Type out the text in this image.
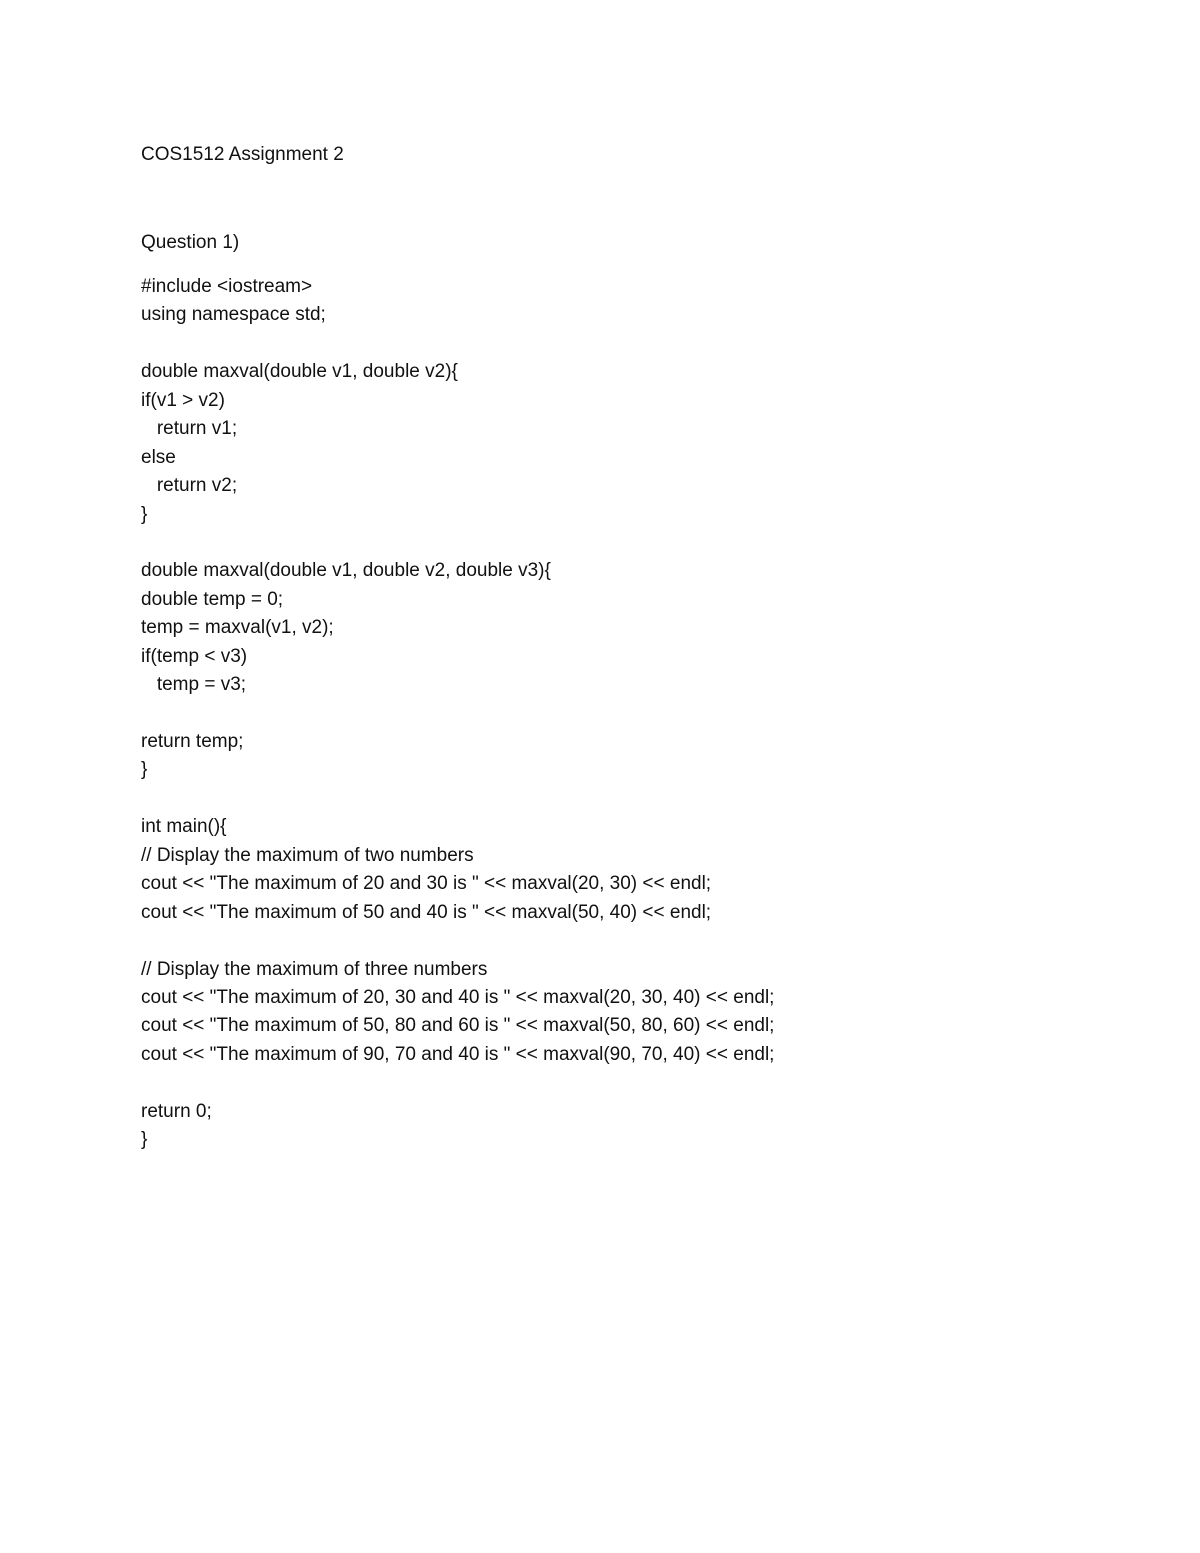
COS1512 Assignment 2
Question 1)
#include <iostream>
using namespace std;
double maxval(double v1, double v2){
if(v1 > v2)
return v1;
else
return v2;
}
double maxval(double v1, double v2, double v3){
double temp = 0;
temp = maxval(v1, v2);
if(temp < v3)
temp = v3;
return temp;
}
int main(){
// Display the maximum of two numbers
cout << "The maximum of 20 and 30 is " << maxval(20, 30) << endl;
cout << "The maximum of 50 and 40 is " << maxval(50, 40) << endl;
// Display the maximum of three numbers
cout << "The maximum of 20, 30 and 40 is " << maxval(20, 30, 40) << endl;
cout << "The maximum of 50, 80 and 60 is " << maxval(50, 80, 60) << endl;
cout << "The maximum of 90, 70 and 40 is " << maxval(90, 70, 40) << endl;
return 0;
}
